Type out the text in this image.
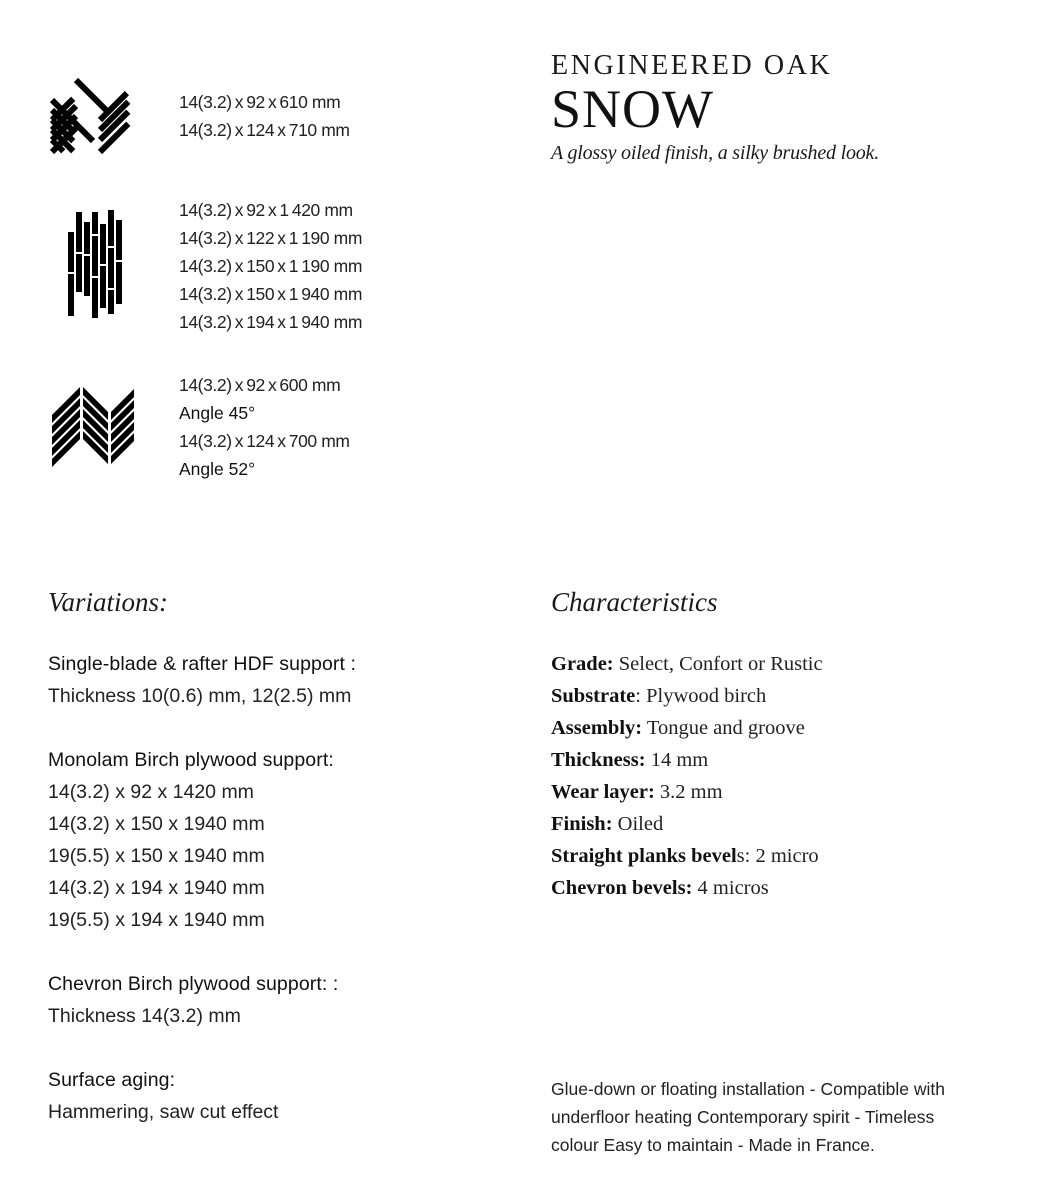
14(3.2) x 92 x 610 mm
14(3.2) x 124 x 710 mm
14(3.2) x 92 x 1 420 mm
14(3.2) x 122 x 1 190 mm
14(3.2) x 150 x 1 190 mm
14(3.2) x 150 x 1 940 mm
14(3.2) x 194 x 1 940 mm
14(3.2) x 92 x 600 mm
Angle 45°
14(3.2) x 124 x 700 mm
Angle 52°
ENGINEERED OAK
SNOW
A glossy oiled finish, a silky brushed look.
Variations:
Single-blade & rafter HDF support :
Thickness 10(0.6) mm, 12(2.5) mm
Monolam Birch plywood support:
14(3.2) x 92 x 1420 mm
14(3.2) x 150 x 1940 mm
19(5.5) x 150 x 1940 mm
14(3.2) x 194 x 1940 mm
19(5.5) x 194 x 1940 mm
Chevron Birch plywood support: :
Thickness 14(3.2) mm
Surface aging:
Hammering, saw cut effect
Characteristics
Grade: Select, Confort or Rustic
Substrate: Plywood birch
Assembly: Tongue and groove
Thickness: 14 mm
Wear layer: 3.2 mm
Finish: Oiled
Straight planks bevels: 2 micro
Chevron bevels: 4 micros
Glue-down or floating installation - Compatible with underfloor heating Contemporary spirit - Timeless colour Easy to maintain - Made in France.
